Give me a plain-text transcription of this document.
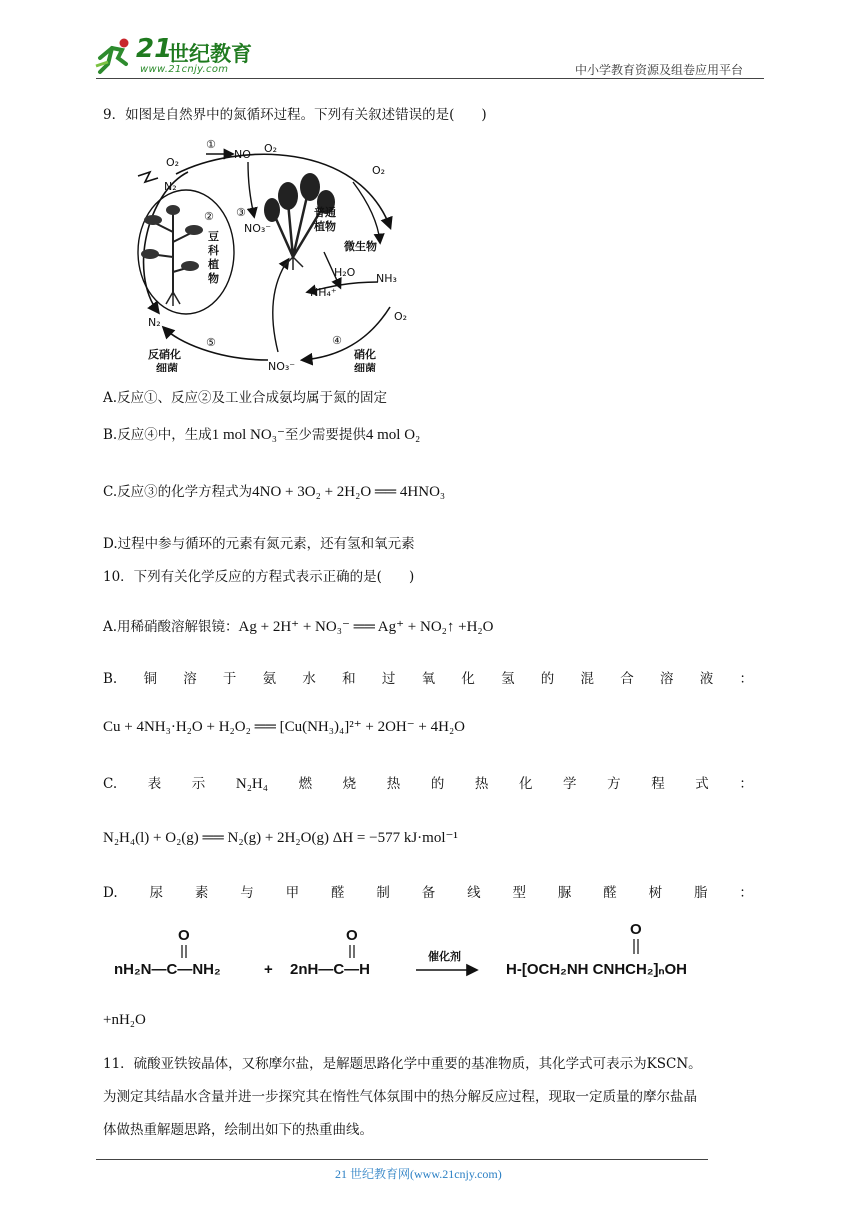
21
世纪教育
www.21cnjy.com	中小学教育资源及组卷应用平台
9．如图是自然界中的氮循环过程。下列有关叙述错误的是(　　)
O₂
①
NO O₂
O₂
N₂
②
豆
科
植
物
③
NO₃⁻
普通
植物
微生物
NH₃
H₂O
NH₄⁺
O₂
N₂
⑤	④
反硝化
细菌	NO₃⁻
硝化
细菌
A.反应①、反应②及工业合成氨均属于氮的固定
B.反应④中，生成1 mol NO₃⁻至少需要提供4 mol O₂
C.反应③的化学方程式为4NO + 3O₂ + 2H₂O ══ 4HNO₃
D.过程中参与循环的元素有氮元素，还有氢和氧元素
10．下列有关化学反应的方程式表示正确的是(　　)
A.用稀硝酸溶解银镜：Ag + 2H⁺ + NO₃⁻ ══ Ag⁺ + NO₂↑ +H₂O
B. 铜 溶 于 氨 水 和 过 氧 化 氢 的 混 合 溶 液 ：
Cu + 4NH₃·H₂O + H₂O₂ ══ [Cu(NH₃)₄]²⁺ + 2OH⁻ + 4H₂O
C. 表 示 N₂H₄ 燃 烧 热 的 热 化 学 方 程 式 ：
N₂H₄(l) + O₂(g) ══ N₂(g) + 2H₂O(g) ΔH = −577 kJ·mol⁻¹
D. 尿 素 与 甲 醛 制 备 线 型 脲 醛 树 脂 ：
O
nH₂N—C—NH₂	+
O
2nH—C—H
催化剂
O
H-[OCH₂NH CNHCH₂]ₙOH
+nH₂O
11．硫酸亚铁铵晶体，又称摩尔盐，是解题思路化学中重要的基准物质，其化学式可表示为KSCN。
为测定其结晶水含量并进一步探究其在惰性气体氛围中的热分解反应过程，现取一定质量的摩尔盐晶
体做热重解题思路，绘制出如下的热重曲线。
21 世纪教育网(www.21cnjy.com)
